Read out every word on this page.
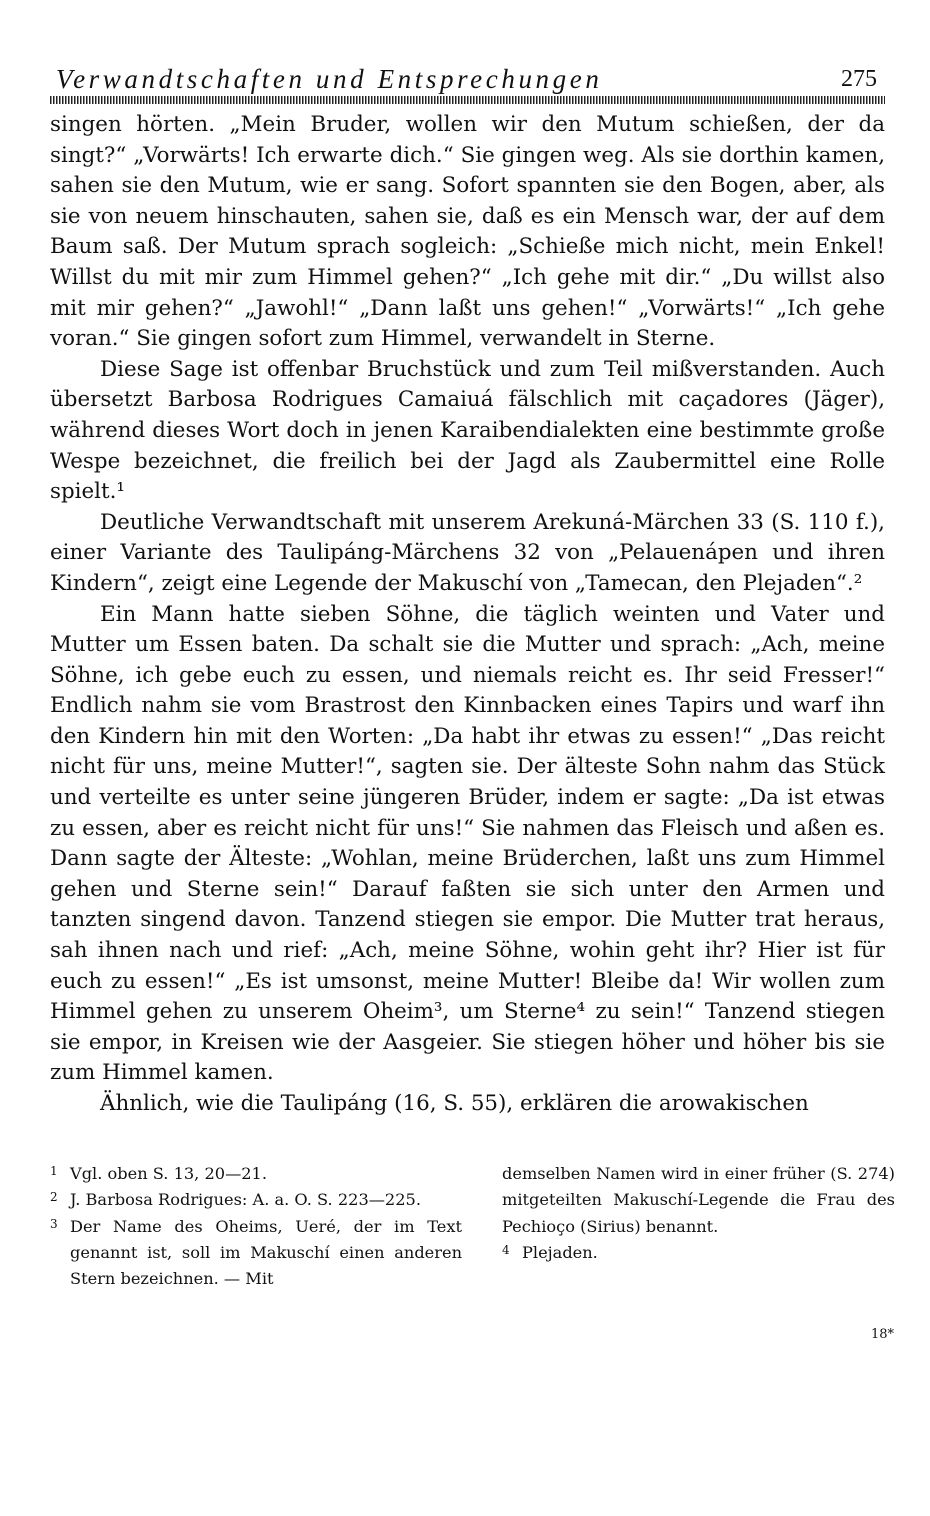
Verwandtschaften und Entsprechungen	275

singen hörten. „Mein Bruder, wollen wir den Mutum schießen, der da singt?“ „Vorwärts! Ich erwarte dich.“ Sie gingen weg. Als sie dorthin kamen, sahen sie den Mutum, wie er sang. Sofort spannten sie den Bogen, aber, als sie von neuem hinschauten, sahen sie, daß es ein Mensch war, der auf dem Baum saß. Der Mutum sprach sogleich: „Schieße mich nicht, mein Enkel! Willst du mit mir zum Himmel gehen?“ „Ich gehe mit dir.“ „Du willst also mit mir gehen?“ „Jawohl!“ „Dann laßt uns gehen!“ „Vorwärts!“ „Ich gehe voran.“ Sie gingen sofort zum Himmel, verwandelt in Sterne.

Diese Sage ist offenbar Bruchstück und zum Teil mißverstanden. Auch übersetzt Barbosa Rodrigues Camaiuá fälschlich mit caçadores (Jäger), während dieses Wort doch in jenen Karaibendialekten eine bestimmte große Wespe bezeichnet, die freilich bei der Jagd als Zaubermittel eine Rolle spielt.¹

Deutliche Verwandtschaft mit unserem Arekuná-Märchen 33 (S. 110 f.), einer Variante des Taulipáng-Märchens 32 von „Pelauenápen und ihren Kindern“, zeigt eine Legende der Makuschí von „Tamecan, den Plejaden“.²

Ein Mann hatte sieben Söhne, die täglich weinten und Vater und Mutter um Essen baten. Da schalt sie die Mutter und sprach: „Ach, meine Söhne, ich gebe euch zu essen, und niemals reicht es. Ihr seid Fresser!“ Endlich nahm sie vom Brastrost den Kinnbacken eines Tapirs und warf ihn den Kindern hin mit den Worten: „Da habt ihr etwas zu essen!“ „Das reicht nicht für uns, meine Mutter!“, sagten sie. Der älteste Sohn nahm das Stück und verteilte es unter seine jüngeren Brüder, indem er sagte: „Da ist etwas zu essen, aber es reicht nicht für uns!“ Sie nahmen das Fleisch und aßen es. Dann sagte der Älteste: „Wohlan, meine Brüderchen, laßt uns zum Himmel gehen und Sterne sein!“ Darauf faßten sie sich unter den Armen und tanzten singend davon. Tanzend stiegen sie empor. Die Mutter trat heraus, sah ihnen nach und rief: „Ach, meine Söhne, wohin geht ihr? Hier ist für euch zu essen!“ „Es ist umsonst, meine Mutter! Bleibe da! Wir wollen zum Himmel gehen zu unserem Oheim³, um Sterne⁴ zu sein!“ Tanzend stiegen sie empor, in Kreisen wie der Aasgeier. Sie stiegen höher und höher bis sie zum Himmel kamen.

Ähnlich, wie die Taulipáng (16, S. 55), erklären die arowakischen

1 Vgl. oben S. 13, 20—21.

2 J. Barbosa Rodrigues: A. a. O. S. 223—225.

3 Der Name des Oheims, Ueré, der im Text genannt ist, soll im Makuschí einen anderen Stern bezeichnen. — Mit

demselben Namen wird in einer früher (S. 274) mitgeteilten Makuschí-Legende die Frau des Pechioço (Sirius) benannt.

4 Plejaden.

18*
